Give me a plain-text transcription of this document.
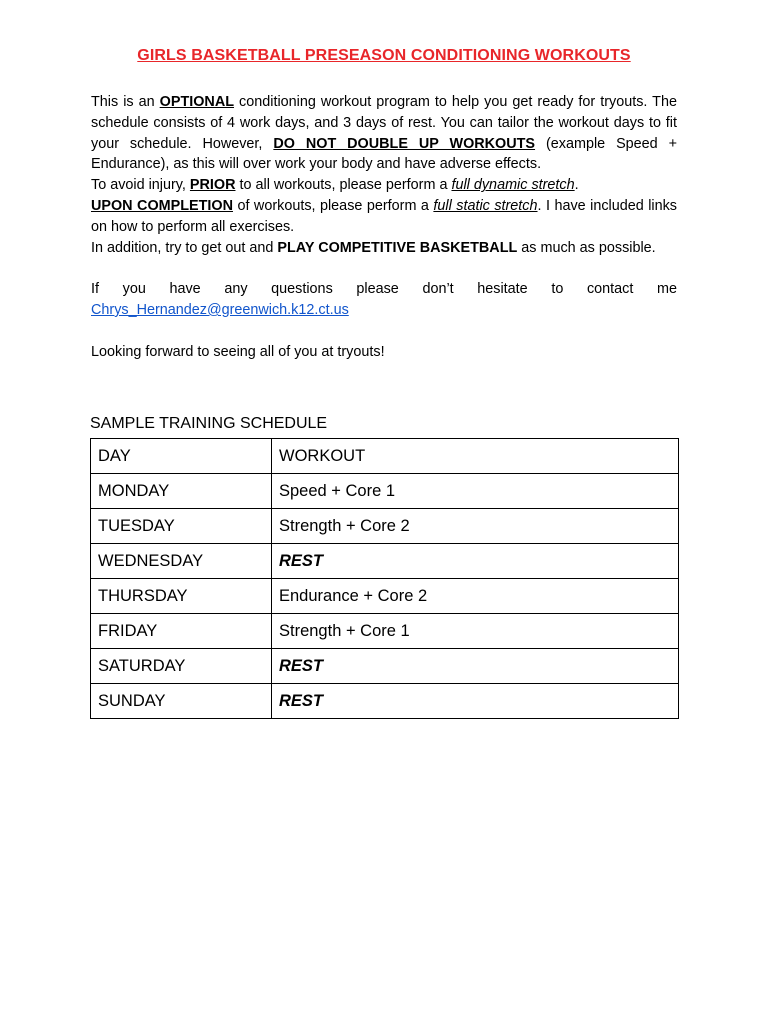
GIRLS BASKETBALL PRESEASON CONDITIONING WORKOUTS

This is an OPTIONAL conditioning workout program to help you get ready for tryouts. The schedule consists of 4 work days, and 3 days of rest. You can tailor the workout days to fit your schedule. However, DO NOT DOUBLE UP WORKOUTS (example Speed + Endurance), as this will over work your body and have adverse effects.

To avoid injury, PRIOR to all workouts, please perform a full dynamic stretch.

UPON COMPLETION of workouts, please perform a full static stretch. I have included links on how to perform all exercises.

In addition, try to get out and PLAY COMPETITIVE BASKETBALL as much as possible.

If you have any questions please don’t hesitate to contact me

Chrys_Hernandez@greenwich.k12.ct.us

Looking forward to seeing all of you at tryouts!

SAMPLE TRAINING SCHEDULE
DAY	WORKOUT
MONDAY	Speed + Core 1
TUESDAY	Strength + Core 2
WEDNESDAY	REST
THURSDAY	Endurance + Core 2
FRIDAY	Strength + Core 1
SATURDAY	REST
SUNDAY	REST
